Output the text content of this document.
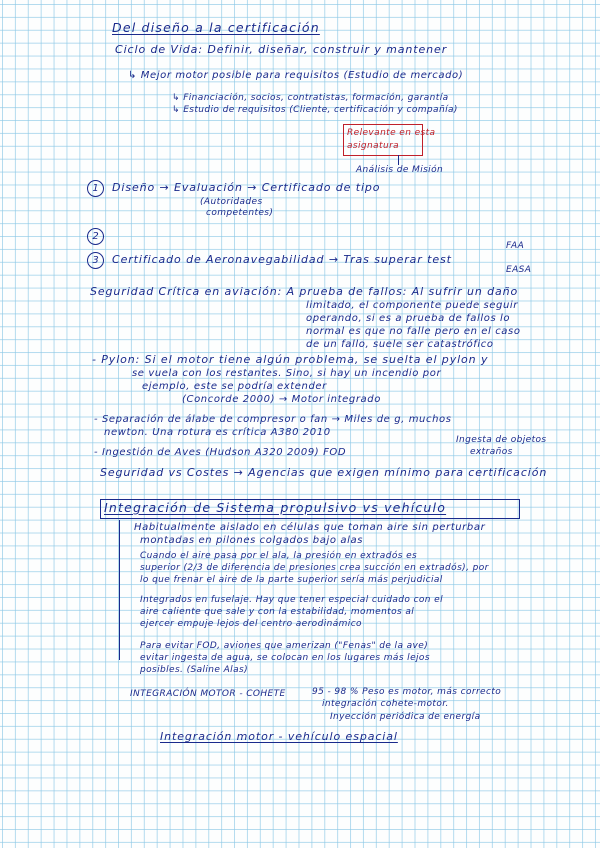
Del diseño a la certificación
Ciclo de Vida: Definir, diseñar, construir y mantener
↳ Mejor motor posible para requisitos (Estudio de mercado)
↳ Financiación, socios, contratistas, formación, garantía
↳ Estudio de requisitos (Cliente, certificación y compañía)
Relevante en esta
asignatura
Análisis de Misión
1 Diseño → Evaluación → Certificado de tipo
(Autoridades
competentes)
2
3 Certificado de Aeronavegabilidad → Tras superar test
FAA
EASA
Seguridad Crítica en aviación: A prueba de fallos: Al sufrir un daño
limitado, el componente puede seguir
operando, si es a prueba de fallos lo
normal es que no falle pero en el caso
de un fallo, suele ser catastrófico
- Pylon: Si el motor tiene algún problema, se suelta el pylon y
se vuela con los restantes. Sino, si hay un incendio por
ejemplo, este se podría extender
(Concorde 2000) → Motor integrado
- Separación de álabe de compresor o fan → Miles de g, muchos
newton. Una rotura es crítica A380 2010
- Ingestión de Aves (Hudson A320 2009) FOD
Ingesta de objetos
extraños
Seguridad vs Costes → Agencias que exigen mínimo para certificación
Integración de Sistema propulsivo vs vehículo
Habitualmente aislado en células que toman aire sin perturbar
montadas en pilones colgados bajo alas
Cuando el aire pasa por el ala, la presión en extradós es
superior (2/3 de diferencia de presiones crea succión en extradós), por
lo que frenar el aire de la parte superior sería más perjudicial
Integrados en fuselaje. Hay que tener especial cuidado con el
aire caliente que sale y con la estabilidad, momentos al
ejercer empuje lejos del centro aerodinámico
Para evitar FOD, aviones que amerizan ("Fenas" de la ave)
evitar ingesta de agua, se colocan en los lugares más lejos
posibles. (Saline Alas)
INTEGRACIÓN MOTOR - COHETE	95 - 98 % Peso es motor, más correcto
integración cohete-motor.
Inyección periódica de energía
Integración motor - vehículo espacial
